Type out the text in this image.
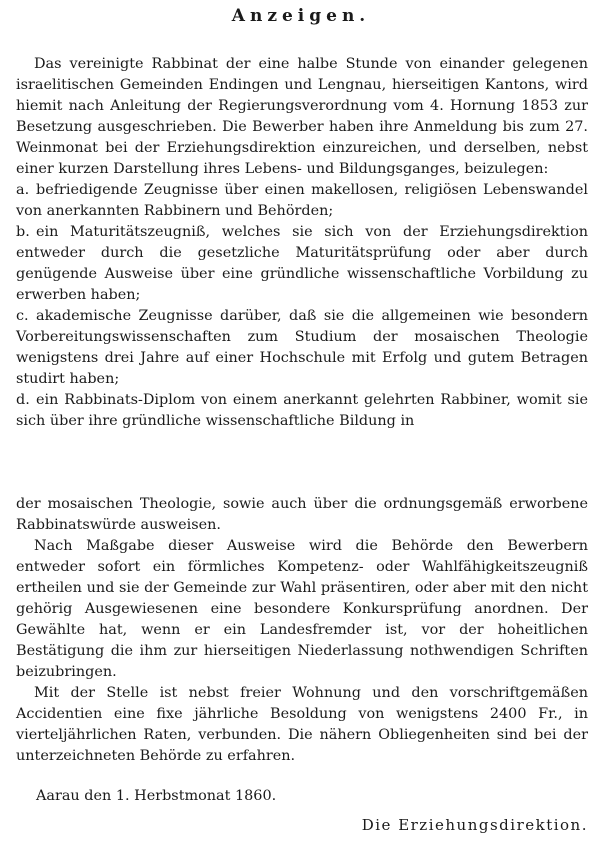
Anzeigen.

Das vereinigte Rabbinat der eine halbe Stunde von einander gelegenen israelitischen Gemeinden Endingen und Lengnau, hierseitigen Kantons, wird hiemit nach Anleitung der Regierungsverordnung vom 4. Hornung 1853 zur Besetzung ausgeschrieben. Die Bewerber haben ihre Anmeldung bis zum 27. Weinmonat bei der Erziehungsdirektion einzureichen, und derselben, nebst einer kurzen Darstellung ihres Lebens- und Bildungsganges, beizulegen:

a. befriedigende Zeugnisse über einen makellosen, religiösen Lebenswandel von anerkannten Rabbinern und Behörden;
b. ein Maturitätszeugniß, welches sie sich von der Erziehungsdirektion entweder durch die gesetzliche Maturitätsprüfung oder aber durch genügende Ausweise über eine gründliche wissenschaftliche Vorbildung zu erwerben haben;
c. akademische Zeugnisse darüber, daß sie die allgemeinen wie besondern Vorbereitungswissenschaften zum Studium der mosaischen Theologie wenigstens drei Jahre auf einer Hochschule mit Erfolg und gutem Betragen studirt haben;
d. ein Rabbinats-Diplom von einem anerkannt gelehrten Rabbiner, womit sie sich über ihre gründliche wissenschaftliche Bildung in

der mosaischen Theologie, sowie auch über die ordnungsgemäß erworbene Rabbinatswürde ausweisen.

Nach Maßgabe dieser Ausweise wird die Behörde den Bewerbern entweder sofort ein förmliches Kompetenz- oder Wahlfähigkeitszeugniß ertheilen und sie der Gemeinde zur Wahl präsentiren, oder aber mit den nicht gehörig Ausgewiesenen eine besondere Konkursprüfung anordnen. Der Gewählte hat, wenn er ein Landesfremder ist, vor der hoheitlichen Bestätigung die ihm zur hierseitigen Niederlassung nothwendigen Schriften beizubringen.

Mit der Stelle ist nebst freier Wohnung und den vorschriftgemäßen Accidentien eine fixe jährliche Besoldung von wenigstens 2400 Fr., in vierteljährlichen Raten, verbunden. Die nähern Obliegenheiten sind bei der unterzeichneten Behörde zu erfahren.

Aarau den 1. Herbstmonat 1860.
Die Erziehungsdirektion.
